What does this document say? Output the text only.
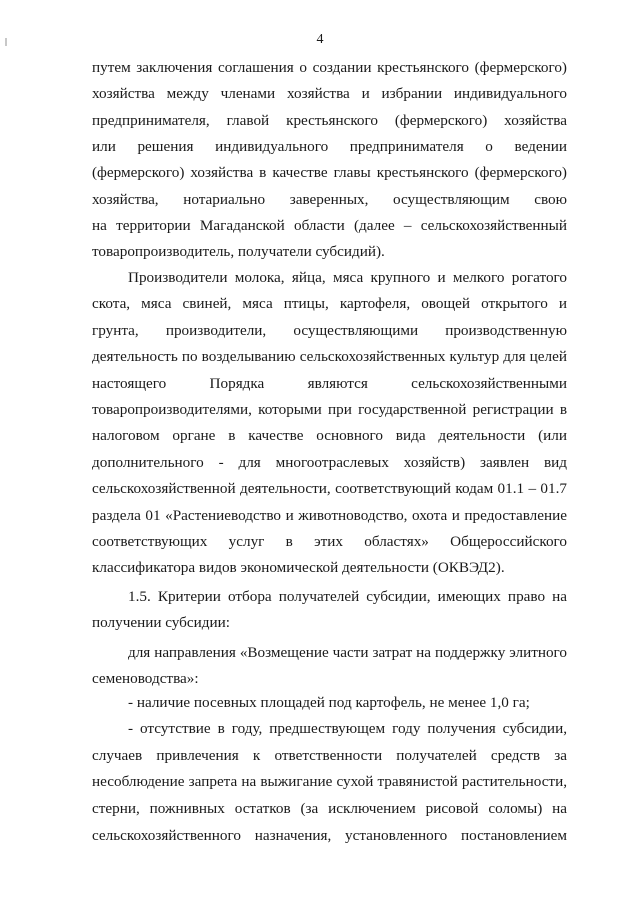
4
путем заключения соглашения о создании крестьянского (фермерского)
хозяйства между членами хозяйства и избрании индивидуального
предпринимателя, главой крестьянского (фермерского) хозяйства
или решения индивидуального предпринимателя о ведении
(фермерского) хозяйства в качестве главы крестьянского (фермерского)
хозяйства, нотариально заверенных, осуществляющим свою
на территории Магаданской области (далее – сельскохозяйственный
товаропроизводитель, получатели субсидий).
Производители молока, яйца, мяса крупного и мелкого рогатого
скота, мяса свиней, мяса птицы, картофеля, овощей открытого и
грунта, производители, осуществляющими производственную
деятельность по возделыванию сельскохозяйственных культур для целей
настоящего Порядка являются сельскохозяйственными
товаропроизводителями, которыми при государственной регистрации в
налоговом органе в качестве основного вида деятельности (или
дополнительного - для многоотраслевых хозяйств) заявлен вид
сельскохозяйственной деятельности, соответствующий кодам 01.1 – 01.7
раздела 01 «Растениеводство и животноводство, охота и предоставление
соответствующих услуг в этих областях» Общероссийского
классификатора видов экономической деятельности (ОКВЭД2).
1.5. Критерии отбора получателей субсидии, имеющих право на
получении субсидии:
для направления «Возмещение части затрат на поддержку элитного
семеноводства»:
- наличие посевных площадей под картофель, не менее 1,0 га;
- отсутствие в году, предшествующем году получения субсидии,
случаев привлечения к ответственности получателей средств за
несоблюдение запрета на выжигание сухой травянистой растительности,
стерни, пожнивных остатков (за исключением рисовой соломы) на
сельскохозяйственного назначения, установленного постановлением
